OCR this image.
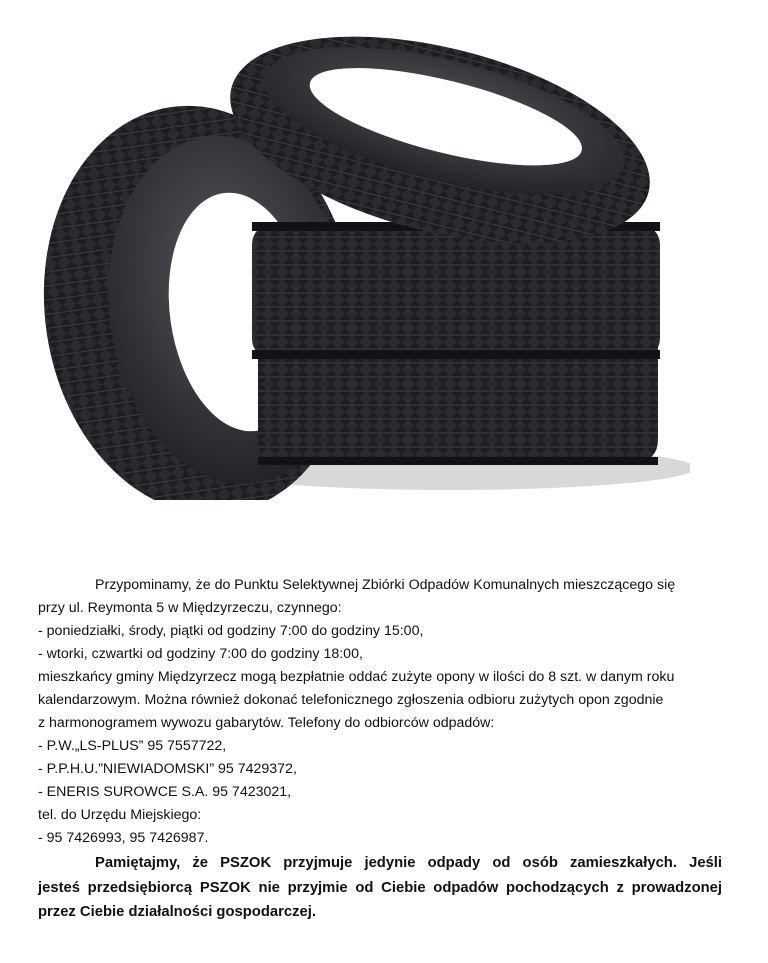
Przypominamy, że do Punktu Selektywnej Zbiórki Odpadów Komunalnych mieszczącego się

przy ul. Reymonta 5 w Międzyrzeczu, czynnego:

- poniedziałki, środy, piątki od godziny 7:00 do godziny 15:00,

- wtorki, czwartki od godziny 7:00 do godziny 18:00,

mieszkańcy gminy Międzyrzecz mogą bezpłatnie oddać zużyte opony w ilości do 8 szt. w danym roku

kalendarzowym. Można również dokonać telefonicznego zgłoszenia odbioru zużytych opon zgodnie

z harmonogramem wywozu gabarytów. Telefony do odbiorców odpadów:

- P.W.„LS-PLUS” 95 7557722,

- P.P.H.U.”NIEWIADOMSKI” 95 7429372,

- ENERIS SUROWCE S.A. 95 7423021,

tel. do Urzędu Miejskiego:

- 95 7426993, 95 7426987.

Pamiętajmy, że PSZOK przyjmuje jedynie odpady od osób zamieszkałych. Jeśli

jesteś przedsiębiorcą PSZOK nie przyjmie od Ciebie odpadów pochodzących z prowadzonej

przez Ciebie działalności gospodarczej.
